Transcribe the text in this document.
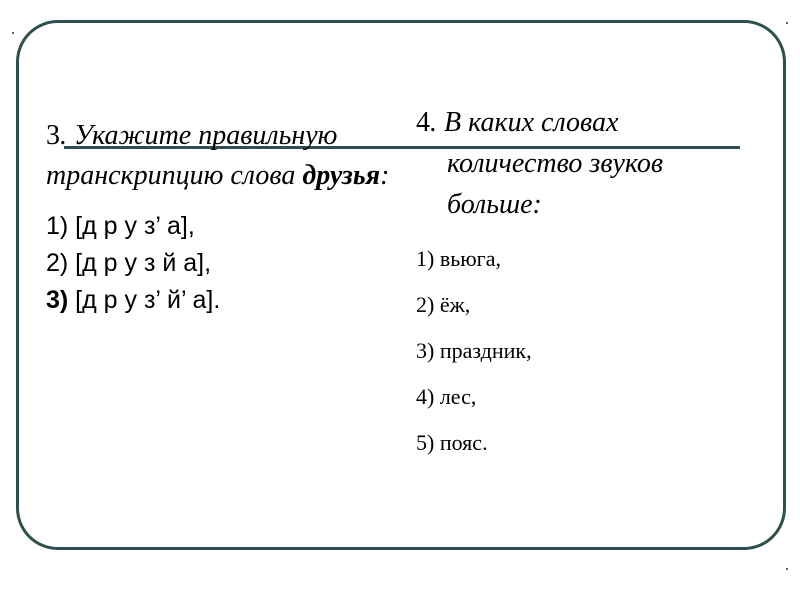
3. Укажите правильную транскрипцию слова друзья:
1) [д р у з’ а],
2) [д р у з й а],
3) [д р у з’ й’ а].
4. В каких словах количество звуков больше:
1) вьюга,
2) ёж,
3) праздник,
4) лес,
5) пояс.
